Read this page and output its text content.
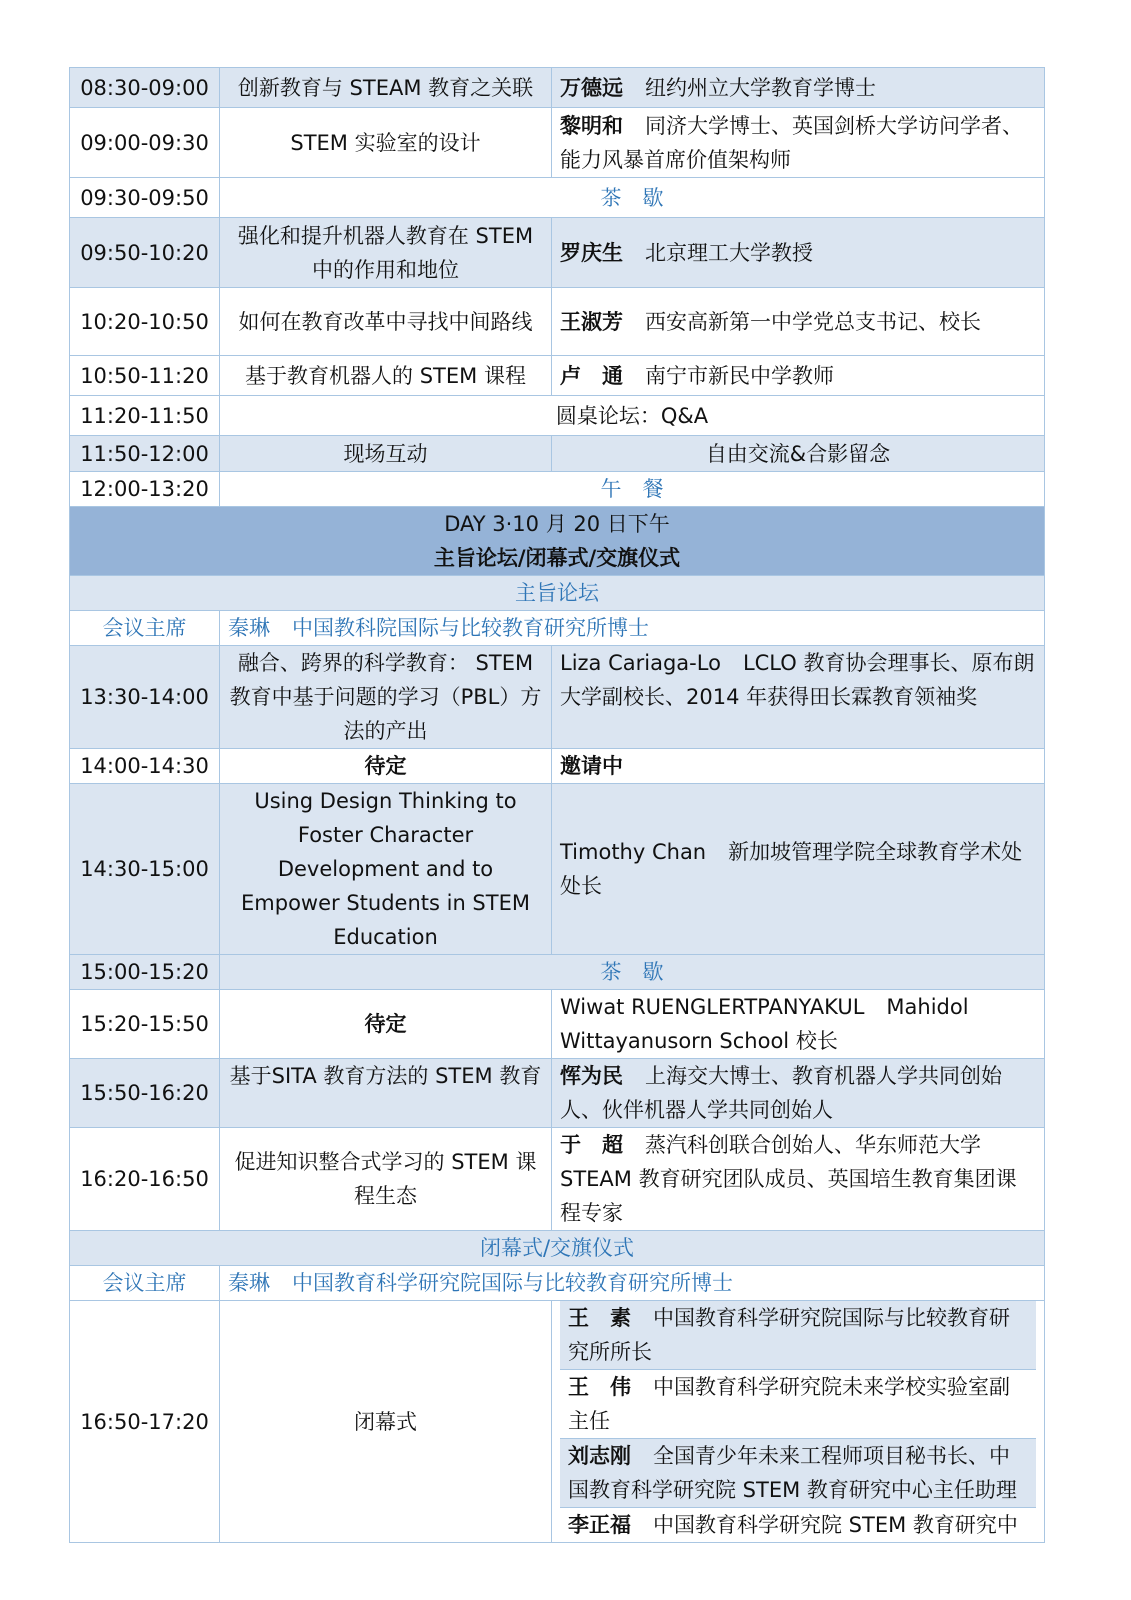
08:30-09:00	创新教育与 STEAM 教育之关联	万德远 纽约州立大学教育学博士
09:00-09:30	STEM 实验室的设计	黎明和 同济大学博士、英国剑桥大学访问学者、能力风暴首席价值架构师
09:30-09:50	茶　歇	
09:50-10:20	强化和提升机器人教育在 STEM 中的作用和地位	罗庆生 北京理工大学教授
10:20-10:50	如何在教育改革中寻找中间路线	王淑芳 西安高新第一中学党总支书记、校长
10:50-11:20	基于教育机器人的 STEM 课程	卢　通 南宁市新民中学教师
11:20-11:50	圆桌论坛：Q&A	
11:50-12:00	现场互动	自由交流&合影留念
12:00-13:20	午　餐	

DAY 3·10 月 20 日下午
主旨论坛/闭幕式/交旗仪式		

主旨论坛		
会议主席	秦琳 中国教科院国际与比较教育研究所博士	
13:30-14:00	融合、跨界的科学教育： STEM 教育中基于问题的学习（PBL）方法的产出	Liza Cariaga-Lo LCLO 教育协会理事长、原布朗大学副校长、2014 年获得田长霖教育领袖奖
14:00-14:30	待定	邀请中
14:30-15:00	Using Design Thinking to Foster Character Development and to Empower Students in STEM Education	Timothy Chan 新加坡管理学院全球教育学术处处长
15:00-15:20	茶　歇	
15:20-15:50	待定	Wiwat RUENGLERTPANYAKUL Mahidol Wittayanusorn School 校长
15:50-16:20	基于SITA 教育方法的 STEM 教育	恽为民 上海交大博士、教育机器人学共同创始人、伙伴机器人学共同创始人
16:20-16:50	促进知识整合式学习的 STEM 课程生态	于　超 蒸汽科创联合创始人、华东师范大学 STEAM 教育研究团队成员、英国培生教育集团课程专家
闭幕式/交旗仪式		
会议主席	秦琳 中国教育科学研究院国际与比较教育研究所博士	
16:50-17:20	闭幕式	王　素 中国教育科学研究院国际与比较教育研究所所长
王　伟 中国教育科学研究院未来学校实验室副主任
刘志刚 全国青少年未来工程师项目秘书长、中国教育科学研究院 STEM 教育研究中心主任助理
李正福 中国教育科学研究院 STEM 教育研究中
